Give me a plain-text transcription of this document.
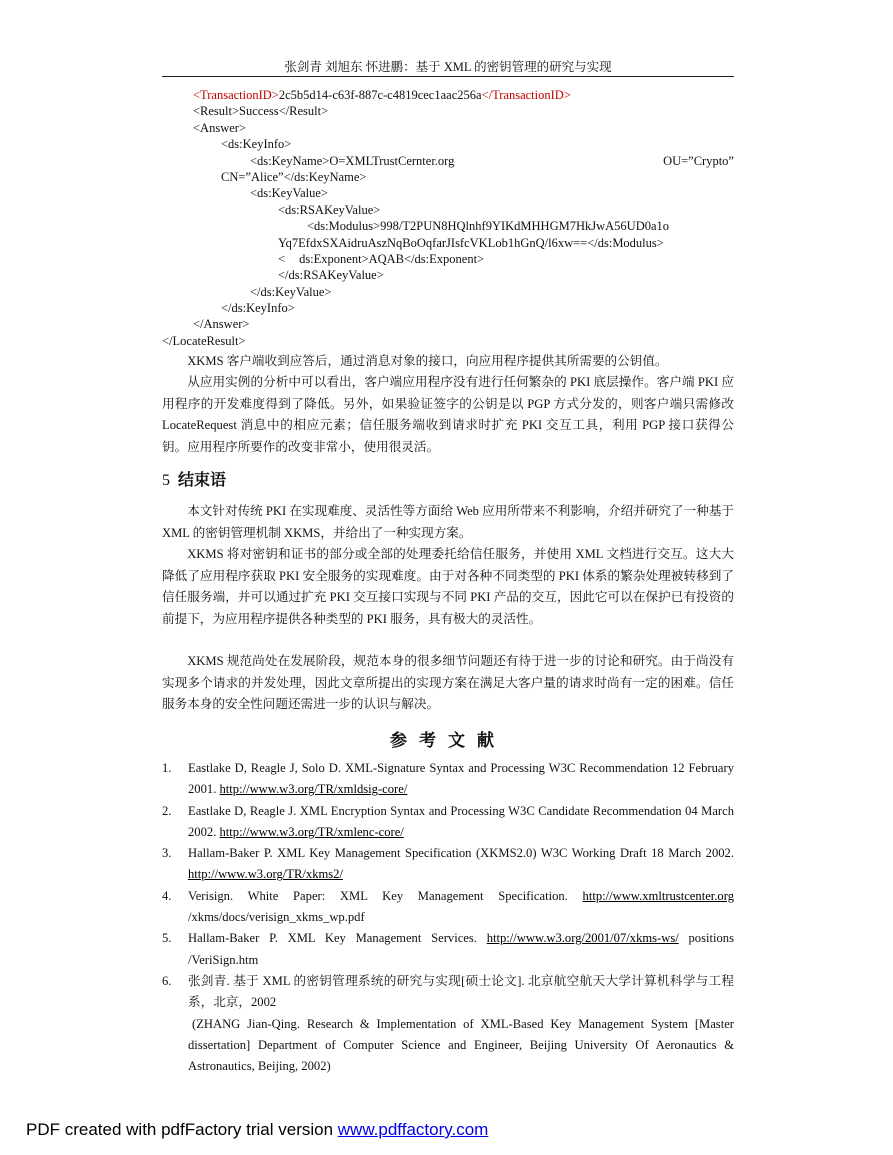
张剑青 刘旭东 怀进鹏：基于 XML 的密钥管理的研究与实现
<TransactionID>2c5b5d14-c63f-887c-c4819cec1aac256a</TransactionID>
<Result>Success</Result>
<Answer>
<ds:KeyInfo>
<ds:KeyName>O=XMLTrustCernter.org	OU=”Crypto”
CN=”Alice”</ds:KeyName>
<ds:KeyValue>
<ds:RSAKeyValue>
<ds:Modulus>998/T2PUN8HQlnhf9YIKdMHHGM7HkJwA56UD0a1o
Yq7EfdxSXAidruAszNqBoOqfarJIsfcVKLob1hGnQ/l6xw==</ds:Modulus>
< ds:Exponent>AQAB</ds:Exponent>
</ds:RSAKeyValue>
</ds:KeyValue>
</ds:KeyInfo>
</Answer>
</LocateResult>

XKMS 客户端收到应答后，通过消息对象的接口，向应用程序提供其所需要的公钥值。

从应用实例的分析中可以看出，客户端应用程序没有进行任何繁杂的 PKI 底层操作。客户端 PKI 应用程序的开发难度得到了降低。另外，如果验证签字的公钥是以 PGP 方式分发的，则客户端只需修改 LocateRequest 消息中的相应元素；信任服务端收到请求时扩充 PKI 交互工具，利用 PGP 接口获得公钥。应用程序所要作的改变非常小，使用很灵活。

5 结束语

本文针对传统 PKI 在实现难度、灵活性等方面给 Web 应用所带来不利影响，介绍并研究了一种基于 XML 的密钥管理机制 XKMS，并给出了一种实现方案。

XKMS 将对密钥和证书的部分或全部的处理委托给信任服务，并使用 XML 文档进行交互。这大大降低了应用程序获取 PKI 安全服务的实现难度。由于对各种不同类型的 PKI 体系的繁杂处理被转移到了信任服务端，并可以通过扩充 PKI 交互接口实现与不同 PKI 产品的交互，因此它可以在保护已有投资的前提下，为应用程序提供各种类型的 PKI 服务，具有极大的灵活性。

XKMS 规范尚处在发展阶段，规范本身的很多细节问题还有待于进一步的讨论和研究。由于尚没有实现多个请求的并发处理，因此文章所提出的实现方案在满足大客户量的请求时尚有一定的困难。信任服务本身的安全性问题还需进一步的认识与解决。

参考文献
1.	Eastlake D, Reagle J, Solo D. XML-Signature Syntax and Processing W3C Recommendation 12 February 2001. http://www.w3.org/TR/xmldsig-core/
2.	Eastlake D, Reagle J. XML Encryption Syntax and Processing W3C Candidate Recommendation 04 March 2002. http://www.w3.org/TR/xmlenc-core/
3.	Hallam-Baker P. XML Key Management Specification (XKMS2.0) W3C Working Draft 18 March 2002. http://www.w3.org/TR/xkms2/
4.	Verisign. White Paper: XML Key Management Specification. http://www.xmltrustcenter.org /xkms/docs/verisign_xkms_wp.pdf
5.	Hallam-Baker P. XML Key Management Services. http://www.w3.org/2001/07/xkms-ws/ positions /VeriSign.htm
6.	张剑青. 基于 XML 的密钥管理系统的研究与实现[硕士论文]. 北京航空航天大学计算机科学与工程系，北京，2002
(ZHANG Jian-Qing. Research & Implementation of XML-Based Key Management System [Master dissertation] Department of Computer Science and Engineer, Beijing University Of Aeronautics & Astronautics, Beijing, 2002)
PDF created with pdfFactory trial version www.pdffactory.com
